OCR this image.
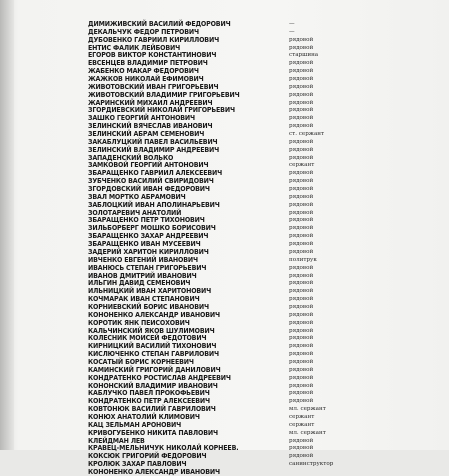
ДИМИЖИВСКИЙ ВАСИЛИЙ ФЕДОРОВИЧ	—
ДЕКАЛЬЧУК ФЕДОР ПЕТРОВИЧ	—
ДУБОВЕНКО ГАВРИИЛ КИРИЛЛОВИЧ	рядовой
ЕНТИС ФАЛИК ЛЕЙБОВИЧ	рядовой
ЕГОРОВ ВИКТОР КОНСТАНТИНОВИЧ	старшина
ЕВСЕНЦЕВ ВЛАДИМИР ПЕТРОВИЧ	рядовой
ЖАБЕНКО МАКАР ФЕДОРОВИЧ	рядовой
ЖАЖКОВ НИКОЛАЙ ЕФИМОВИЧ	рядовой
ЖИВОТОВСКИЙ ИВАН ГРИГОРЬЕВИЧ	рядовой
ЖИВОТОВСКИЙ ВЛАДИМИР ГРИГОРЬЕВИЧ	рядовой
ЖАРИНСКИЙ МИХАИЛ АНДРЕЕВИЧ	рядовой
ЗГОРДИЕВСКИЙ НИКОЛАЙ ГРИГОРЬЕВИЧ	рядовой
ЗАШКО ГЕОРГИЙ АНТОНОВИЧ	рядовой
ЗЕЛИНСКИЙ ВЯЧЕСЛАВ ИВАНОВИЧ	рядовой
ЗЕЛИНСКИЙ АБРАМ СЕМЕНОВИЧ	ст. сержант
ЗАКАБЛУЦКИЙ ПАВЕЛ ВАСИЛЬЕВИЧ	рядовой
ЗЕЛИНСКИЙ ВЛАДИМИР АНДРЕЕВИЧ	рядовой
ЗАПАДЕНСКИЙ ВОЛЬКО	рядовой
ЗАМКОВОЙ ГЕОРГИЙ АНТОНОВИЧ	сержант
ЗБАРАЩЕНКО ГАВРИИЛ АЛЕКСЕЕВИЧ	рядовой
ЗУБЧЕНКО ВАСИЛИЙ СВИРИДОВИЧ	рядовой
ЗГОРДОВСКИЙ ИВАН ФЕДОРОВИЧ	рядовой
ЗВАЛ МОРТКО АБРАМОВИЧ	рядовой
ЗАБЛОЦКИЙ ИВАН АПОЛИНАРЬЕВИЧ	рядовой
ЗОЛОТАРЕВИЧ АНАТОЛИЙ	рядовой
ЗБАРАЩЕНКО ПЕТР ТИХОНОВИЧ	рядовой
ЗИЛЬБОРБЕРГ МОШКО БОРИСОВИЧ	рядовой
ЗБАРАЩЕНКО ЗАХАР АНДРЕЕВИЧ	рядовой
ЗБАРАЩЕНКО ИВАН МУСЕЕВИЧ	рядовой
ЗАДЕРИЙ ХАРИТОН КИРИЛЛОВИЧ	рядовой
ИВЧЕНКО ЕВГЕНИЙ ИВАНОВИЧ	политрук
ИВАНЮСЬ СТЕПАН ГРИГОРЬЕВИЧ	рядовой
ИВАНОВ ДМИТРИЙ ИВАНОВИЧ	рядовой
ИЛЬГИН ДАВИД СЕМЕНОВИЧ	рядовой
ИЛЬНИЦКИЙ ИВАН ХАРИТОНОВИЧ	рядовой
КОЧМАРАК ИВАН СТЕПАНОВИЧ	рядовой
КОРНИЕВСКИЙ БОРИС ИВАНОВИЧ	рядовой
КОНОНЕНКО АЛЕКСАНДР ИВАНОВИЧ	рядовой
КОРОТИК ЯНК ПЕИСОХОВИЧ	рядовой
КАЛЬЧИНСКИЙ ЯКОВ ШУЛИМОВИЧ	рядовой
КОЛЕСНИК МОИСЕЙ ФЕДОТОВИЧ	рядовой
КИРНИЦКИЙ ВАСИЛИЙ ТИХОНОВИЧ	рядовой
КИСЛЮЧЕНКО СТЕПАН ГАВРИЛОВИЧ	рядовой
КОСАТЫЙ БОРИС КОРНЕЕВИЧ	рядовой
КАМИНСКИЙ ГРИГОРИЙ ДАНИЛОВИЧ	рядовой
КОНДРАТЕНКО РОСТИСЛАВ АНДРЕЕВИЧ	рядовой
КОНОНСКИЙ ВЛАДИМИР ИВАНОВИЧ	рядовой
КАБЛУЧКО ПАВЕЛ ПРОКОФЬЕВИЧ	рядовой
КОНДРАТЕНКО ПЕТР АЛЕКСЕЕВИЧ	рядовой
КОВТОНЮК ВАСИЛИЙ ГАВРИЛОВИЧ	мл. сержант
КОНЮХ АНАТОЛИЙ КЛИМОВИЧ	сержант
КАЦ ЗЕЛЬМАН АРОНОВИЧ	сержант
КРИВОГУБЕНКО НИКИТА ПАВЛОВИЧ	мл. сержант
КЛЕЙДМАН ЛЕВ	рядовой
КРАВЕЦ-МЕЛЬНИЧУК НИКОЛАЙ КОРНЕЕВ.	рядовой
КОКСЮК ГРИГОРИЙ ФЕДОРОВИЧ	рядовой
КРОЛЮК ЗАХАР ПАВЛОВИЧ	санинструктор
КОНОНЕНКО АЛЕКСАНДР ИВАНОВИЧ
